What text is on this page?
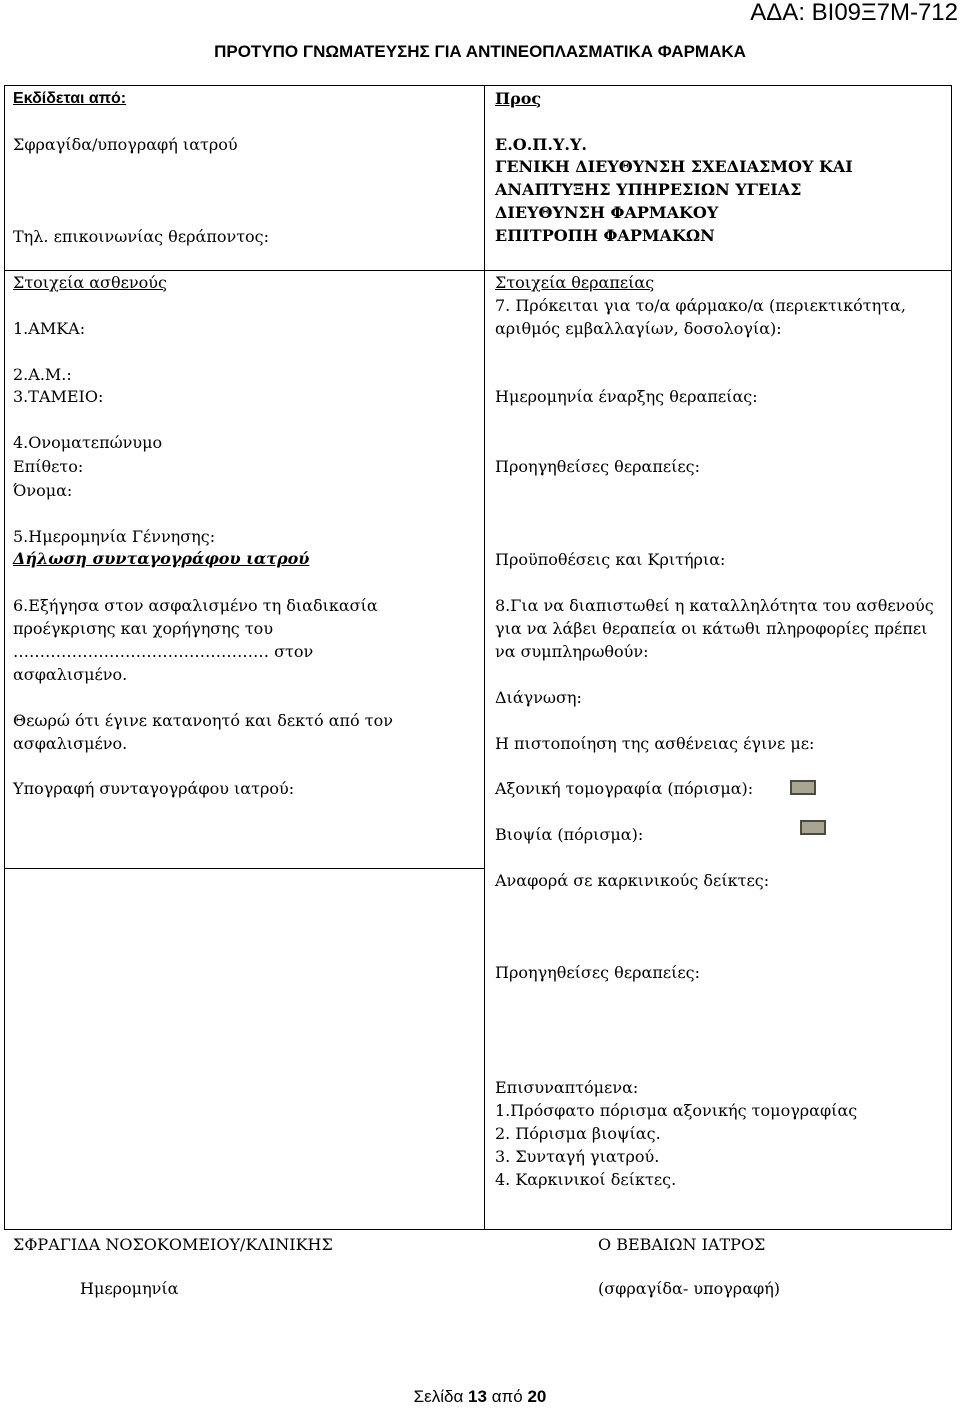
ΑΔΑ: ΒΙ09Ξ7Μ-712
ΠΡΟΤΥΠΟ ΓΝΩΜΑΤΕΥΣΗΣ ΓΙΑ ΑΝΤΙΝΕΟΠΛΑΣΜΑΤΙΚΑ ΦΑΡΜΑΚΑ
Εκδίδεται από:
Σφραγίδα/υπογραφή ιατρού
Τηλ. επικοινωνίας θεράποντος:
Στοιχεία ασθενούς
1.ΑΜΚΑ:
2.Α.Μ.:
3.ΤΑΜΕΙΟ:
4.Ονοματεπώνυμο
Επίθετο:
Όνομα:
5.Ημερομηνία Γέννησης:
Δήλωση συνταγογράφου ιατρού
6.Εξήγησα στον ασφαλισμένο τη διαδικασία
προέγκρισης και χορήγησης του
………………………………………… στον
ασφαλισμένο.
Θεωρώ ότι έγινε κατανοητό και δεκτό από τον
ασφαλισμένο.
Υπογραφή συνταγογράφου ιατρού:
Προς
Ε.Ο.Π.Υ.Υ.
ΓΕΝΙΚΗ ΔΙΕΥΘΥΝΣΗ ΣΧΕΔΙΑΣΜΟΥ ΚΑΙ
ΑΝΑΠΤΥΞΗΣ ΥΠΗΡΕΣΙΩΝ ΥΓΕΙΑΣ
ΔΙΕΥΘΥΝΣΗ ΦΑΡΜΑΚΟΥ
ΕΠΙΤΡΟΠΗ ΦΑΡΜΑΚΩΝ
Στοιχεία θεραπείας
7. Πρόκειται για το/α φάρμακο/α (περιεκτικότητα,
αριθμός εμβαλλαγίων, δοσολογία):
Ημερομηνία έναρξης θεραπείας:
Προηγηθείσες θεραπείες:
Προϋποθέσεις και Κριτήρια:
8.Για να διαπιστωθεί η καταλληλότητα του ασθενούς
για να λάβει θεραπεία οι κάτωθι πληροφορίες πρέπει
να συμπληρωθούν:
Διάγνωση:
Η πιστοποίηση της ασθένειας έγινε με:
Αξονική τομογραφία (πόρισμα):
Βιοψία (πόρισμα):
Αναφορά σε καρκινικούς δείκτες:
Προηγηθείσες θεραπείες:
Επισυναπτόμενα:
1.Πρόσφατο πόρισμα αξονικής τομογραφίας
2. Πόρισμα βιοψίας.
3. Συνταγή γιατρού.
4. Καρκινικοί δείκτες.
ΣΦΡΑΓΙΔΑ ΝΟΣΟΚΟΜΕΙΟΥ/ΚΛΙΝΙΚΗΣ
Ημερομηνία
Ο ΒΕΒΑΙΩΝ ΙΑΤΡΟΣ
(σφραγίδα- υπογραφή)
Σελίδα 13 από 20
